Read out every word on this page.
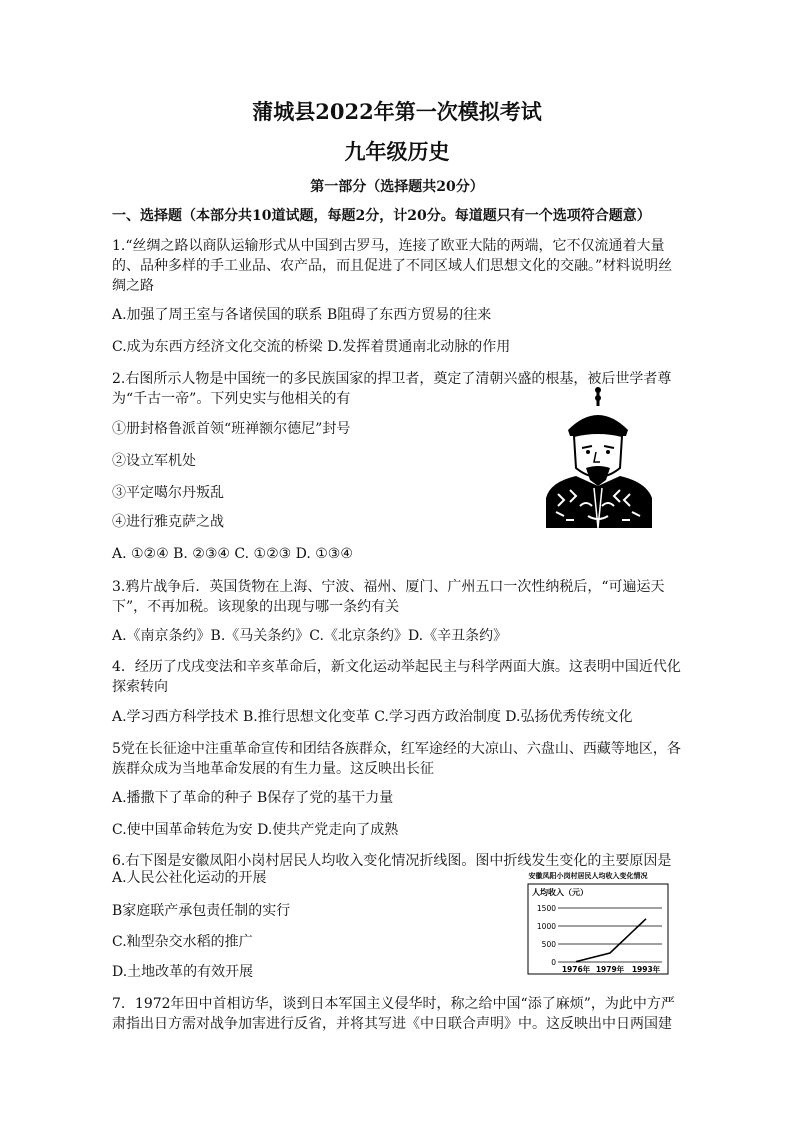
蒲城县2022年第一次模拟考试
九年级历史
第一部分（选择题共20分）
一、选择题（本部分共10道试题，每题2分，计20分。每道题只有一个选项符合题意）
1.“丝绸之路以商队运输形式从中国到古罗马，连接了欧亚大陆的两端，它不仅流通着大量的、品种多样的手工业品、农产品，而且促进了不同区域人们思想文化的交融。”材料说明丝绸之路
A.加强了周王室与各诸侯国的联系 B阻碍了东西方贸易的往来
C.成为东西方经济文化交流的桥梁 D.发挥着贯通南北动脉的作用
2.右图所示人物是中国统一的多民族国家的捍卫者，奠定了清朝兴盛的根基，被后世学者尊为“千古一帝”。下列史实与他相关的有
①册封格鲁派首领“班禅额尔德尼”封号
②设立军机处
③平定噶尔丹叛乱
④进行雅克萨之战
A. ①②④ B. ②③④ C. ①②③ D. ①③④
3.鸦片战争后．英国货物在上海、宁波、福州、厦门、广州五口一次性纳税后，“可遍运天下”，不再加税。该现象的出现与哪一条约有关
A.《南京条约》B.《马关条约》C.《北京条约》D.《辛丑条约》
4．经历了戊戌变法和辛亥革命后，新文化运动举起民主与科学两面大旗。这表明中国近代化探索转向
A.学习西方科学技术 B.推行思想文化变革 C.学习西方政治制度 D.弘扬优秀传统文化
5党在长征途中注重革命宣传和团结各族群众，红军途经的大凉山、六盘山、西藏等地区，各族群众成为当地革命发展的有生力量。这反映出长征
A.播撒下了革命的种子 B保存了党的基干力量
C.使中国革命转危为安 D.使共产党走向了成熟
6.右下图是安徽凤阳小岗村居民人均收入变化情况折线图。图中折线发生变化的主要原因是
A.人民公社化运动的开展
B家庭联产承包责任制的实行
C.籼型杂交水稻的推广
D.土地改革的有效开展
安徽凤阳小岗村居民人均收入变化情况
人均收入（元）
1500
1000
500
0
1976年 1979年 1993年
7．1972年田中首相访华，谈到日本军国主义侵华时，称之给中国“添了麻烦”，为此中方严肃指出日方需对战争加害进行反省，并将其写进《中日联合声明》中。这反映出中日两国建
